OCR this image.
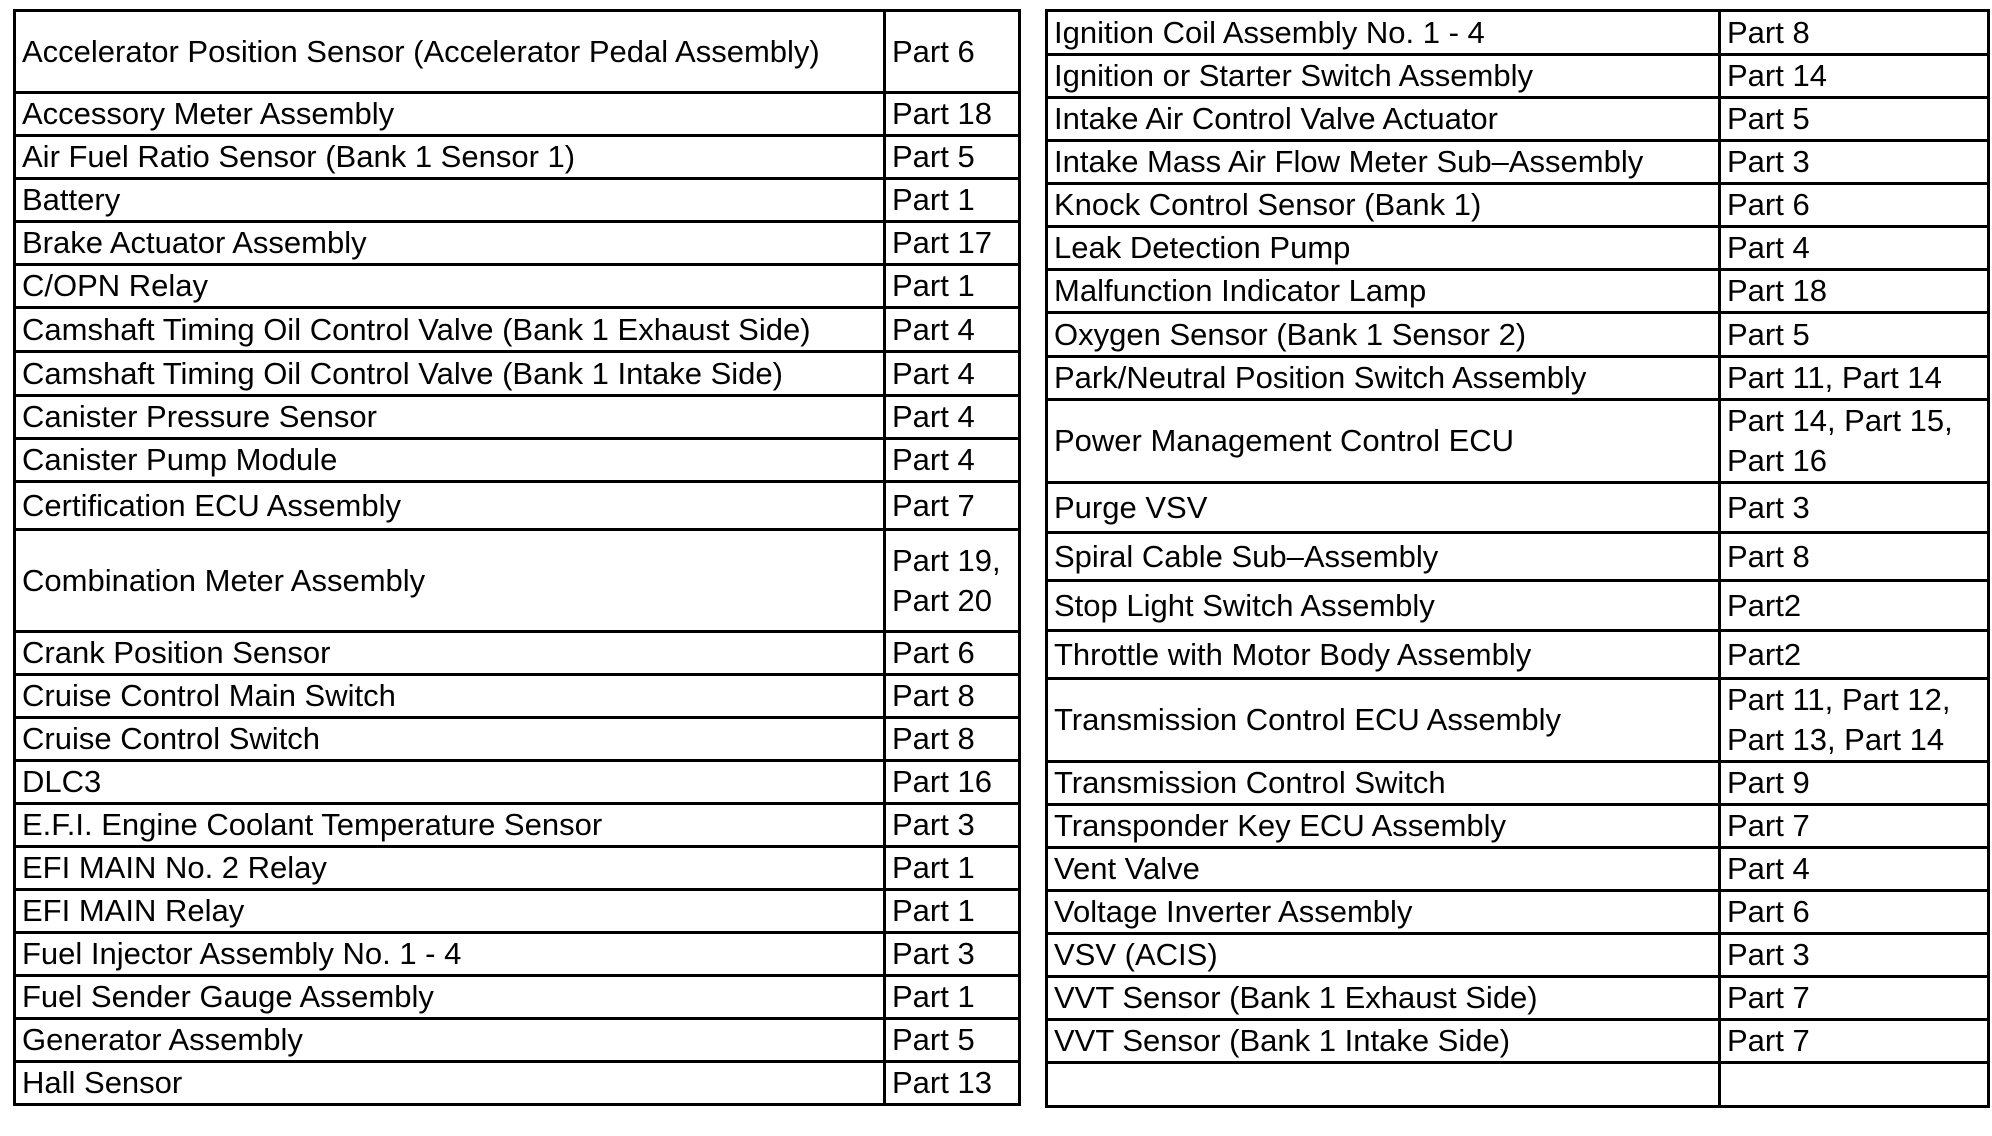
Accelerator Position Sensor (Accelerator Pedal Assembly)	Part 6
Accessory Meter Assembly	Part 18
Air Fuel Ratio Sensor (Bank 1 Sensor 1)	Part 5
Battery	Part 1
Brake Actuator Assembly	Part 17
C/OPN Relay	Part 1
Camshaft Timing Oil Control Valve (Bank 1 Exhaust Side)	Part 4
Camshaft Timing Oil Control Valve (Bank 1 Intake Side)	Part 4
Canister Pressure Sensor	Part 4
Canister Pump Module	Part 4
Certification ECU Assembly	Part 7
Combination Meter Assembly	Part 19, Part 20
Crank Position Sensor	Part 6
Cruise Control Main Switch	Part 8
Cruise Control Switch	Part 8
DLC3	Part 16
E.F.I. Engine Coolant Temperature Sensor	Part 3
EFI MAIN No. 2 Relay	Part 1
EFI MAIN Relay	Part 1
Fuel Injector Assembly No. 1 - 4	Part 3
Fuel Sender Gauge Assembly	Part 1
Generator Assembly	Part 5
Hall Sensor	Part 13
Ignition Coil Assembly No. 1 - 4	Part 8
Ignition or Starter Switch Assembly	Part 14
Intake Air Control Valve Actuator	Part 5
Intake Mass Air Flow Meter Sub–Assembly	Part 3
Knock Control Sensor (Bank 1)	Part 6
Leak Detection Pump	Part 4
Malfunction Indicator Lamp	Part 18
Oxygen Sensor (Bank 1 Sensor 2)	Part 5
Park/Neutral Position Switch Assembly	Part 11, Part 14
Power Management Control ECU	Part 14, Part 15, Part 16
Purge VSV	Part 3
Spiral Cable Sub–Assembly	Part 8
Stop Light Switch Assembly	Part2
Throttle with Motor Body Assembly	Part2
Transmission Control ECU Assembly	Part 11, Part 12, Part 13, Part 14
Transmission Control Switch	Part 9
Transponder Key ECU Assembly	Part 7
Vent Valve	Part 4
Voltage Inverter Assembly	Part 6
VSV (ACIS)	Part 3
VVT Sensor (Bank 1 Exhaust Side)	Part 7
VVT Sensor (Bank 1 Intake Side)	Part 7
